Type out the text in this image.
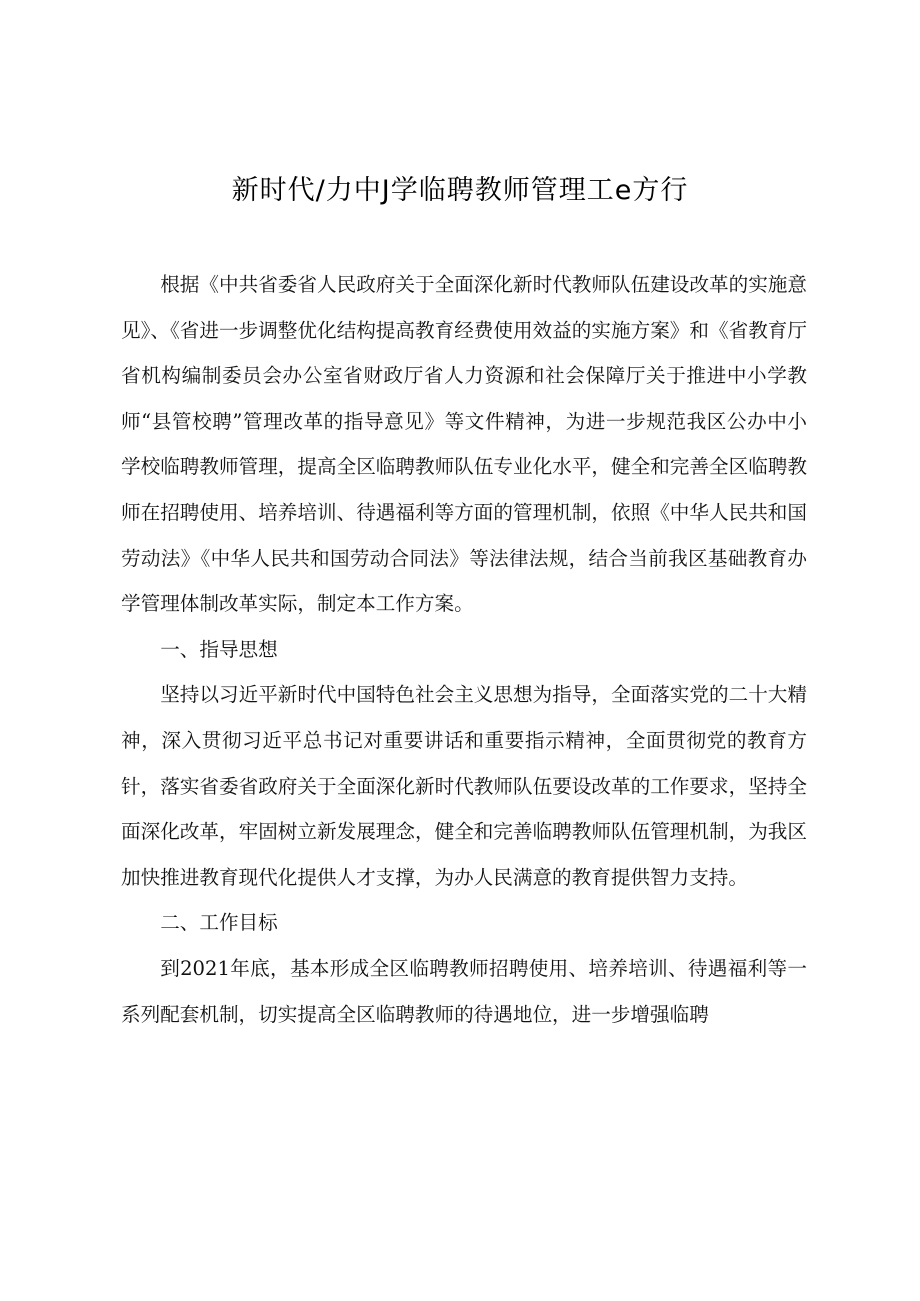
新时代/力中J学临聘教师管理工e方行

根据《中共省委省人民政府关于全面深化新时代教师队伍建设改革的实施意见》、《省进一步调整优化结构提高教育经费使用效益的实施方案》和《省教育厅省机构编制委员会办公室省财政厅省人力资源和社会保障厅关于推进中小学教师“县管校聘”管理改革的指导意见》等文件精神，为进一步规范我区公办中小学校临聘教师管理，提高全区临聘教师队伍专业化水平，健全和完善全区临聘教师在招聘使用、培养培训、待遇福利等方面的管理机制，依照《中华人民共和国劳动法》《中华人民共和国劳动合同法》等法律法规，结合当前我区基础教育办学管理体制改革实际，制定本工作方案。

一、指导思想

坚持以习近平新时代中国特色社会主义思想为指导，全面落实党的二十大精神，深入贯彻习近平总书记对重要讲话和重要指示精神，全面贯彻党的教育方针，落实省委省政府关于全面深化新时代教师队伍要设改革的工作要求，坚持全面深化改革，牢固树立新发展理念，健全和完善临聘教师队伍管理机制，为我区加快推进教育现代化提供人才支撑，为办人民满意的教育提供智力支持。

二、工作目标

到2021年底，基本形成全区临聘教师招聘使用、培养培训、待遇福利等一系列配套机制，切实提高全区临聘教师的待遇地位，进一步增强临聘
